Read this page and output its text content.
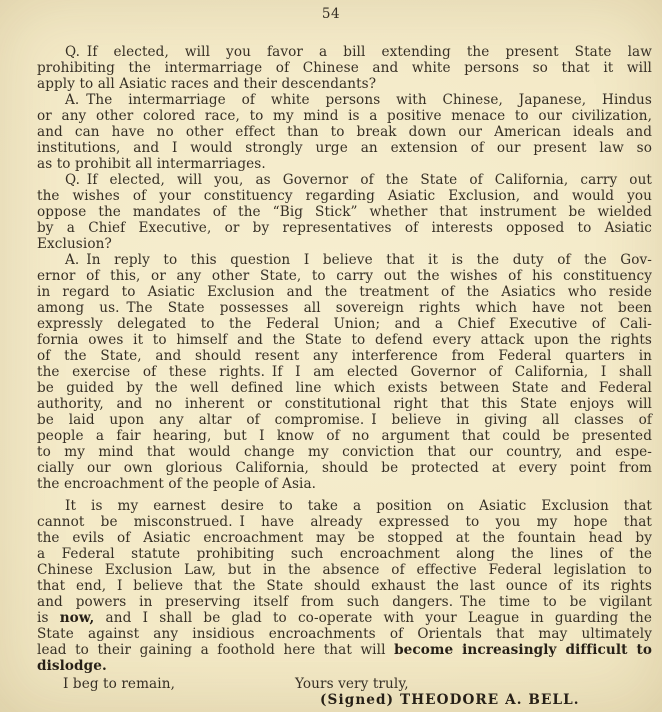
54
Q. If elected, will you favor a bill extending the present State law
prohibiting the intermarriage of Chinese and white persons so that it will
apply to all Asiatic races and their descendants?
A. The intermarriage of white persons with Chinese, Japanese, Hindus
or any other colored race, to my mind is a positive menace to our civilization,
and can have no other effect than to break down our American ideals and
institutions, and I would strongly urge an extension of our present law so
as to prohibit all intermarriages.
Q. If elected, will you, as Governor of the State of California, carry out
the wishes of your constituency regarding Asiatic Exclusion, and would you
oppose the mandates of the “Big Stick” whether that instrument be wielded
by a Chief Executive, or by representatives of interests opposed to Asiatic
Exclusion?
A. In reply to this question I believe that it is the duty of the Gov-
ernor of this, or any other State, to carry out the wishes of his constituency
in regard to Asiatic Exclusion and the treatment of the Asiatics who reside
among us. The State possesses all sovereign rights which have not been
expressly delegated to the Federal Union; and a Chief Executive of Cali-
fornia owes it to himself and the State to defend every attack upon the rights
of the State, and should resent any interference from Federal quarters in
the exercise of these rights. If I am elected Governor of California, I shall
be guided by the well defined line which exists between State and Federal
authority, and no inherent or constitutional right that this State enjoys will
be laid upon any altar of compromise. I believe in giving all classes of
people a fair hearing, but I know of no argument that could be presented
to my mind that would change my conviction that our country, and espe-
cially our own glorious California, should be protected at every point from
the encroachment of the people of Asia.
It is my earnest desire to take a position on Asiatic Exclusion that
cannot be misconstrued. I have already expressed to you my hope that
the evils of Asiatic encroachment may be stopped at the fountain head by
a Federal statute prohibiting such encroachment along the lines of the
Chinese Exclusion Law, but in the absence of effective Federal legislation to
that end, I believe that the State should exhaust the last ounce of its rights
and powers in preserving itself from such dangers. The time to be vigilant
is now, and I shall be glad to co-operate with your League in guarding the
State against any insidious encroachments of Orientals that may ultimately
lead to their gaining a foothold here that will become increasingly difficult to
dislodge.
I beg to remain,	Yours very truly,
(Signed) THEODORE A. BELL.
